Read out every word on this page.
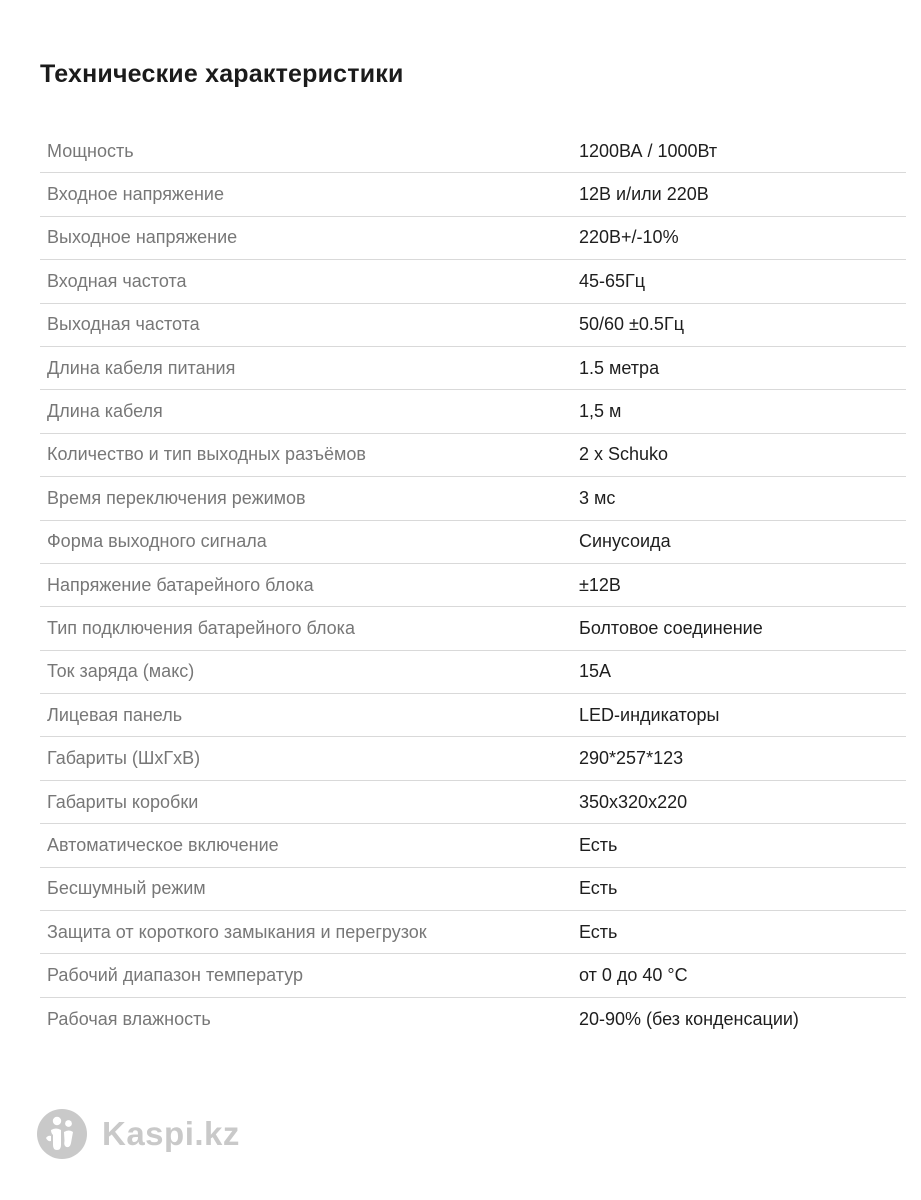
Технические характеристики
Мощность	1200ВА / 1000Вт
Входное напряжение	12В и/или 220В
Выходное напряжение	220В+/-10%
Входная частота	45-65Гц
Выходная частота	50/60 ±0.5Гц
Длина кабеля питания	1.5 метра
Длина кабеля	1,5 м
Количество и тип выходных разъёмов	2 x Schuko
Время переключения режимов	3 мс
Форма выходного сигнала	Синусоида
Напряжение батарейного блока	±12В
Тип подключения батарейного блока	Болтовое соединение
Ток заряда (макс)	15А
Лицевая панель	LED-индикаторы
Габариты (ШxГxВ)	290*257*123
Габариты коробки	350x320x220
Автоматическое включение	Есть
Бесшумный режим	Есть
Защита от короткого замыкания и перегрузок	Есть
Рабочий диапазон температур	от 0 до 40 °С
Рабочая влажность	20-90% (без конденсации)
Kaspi.kz
